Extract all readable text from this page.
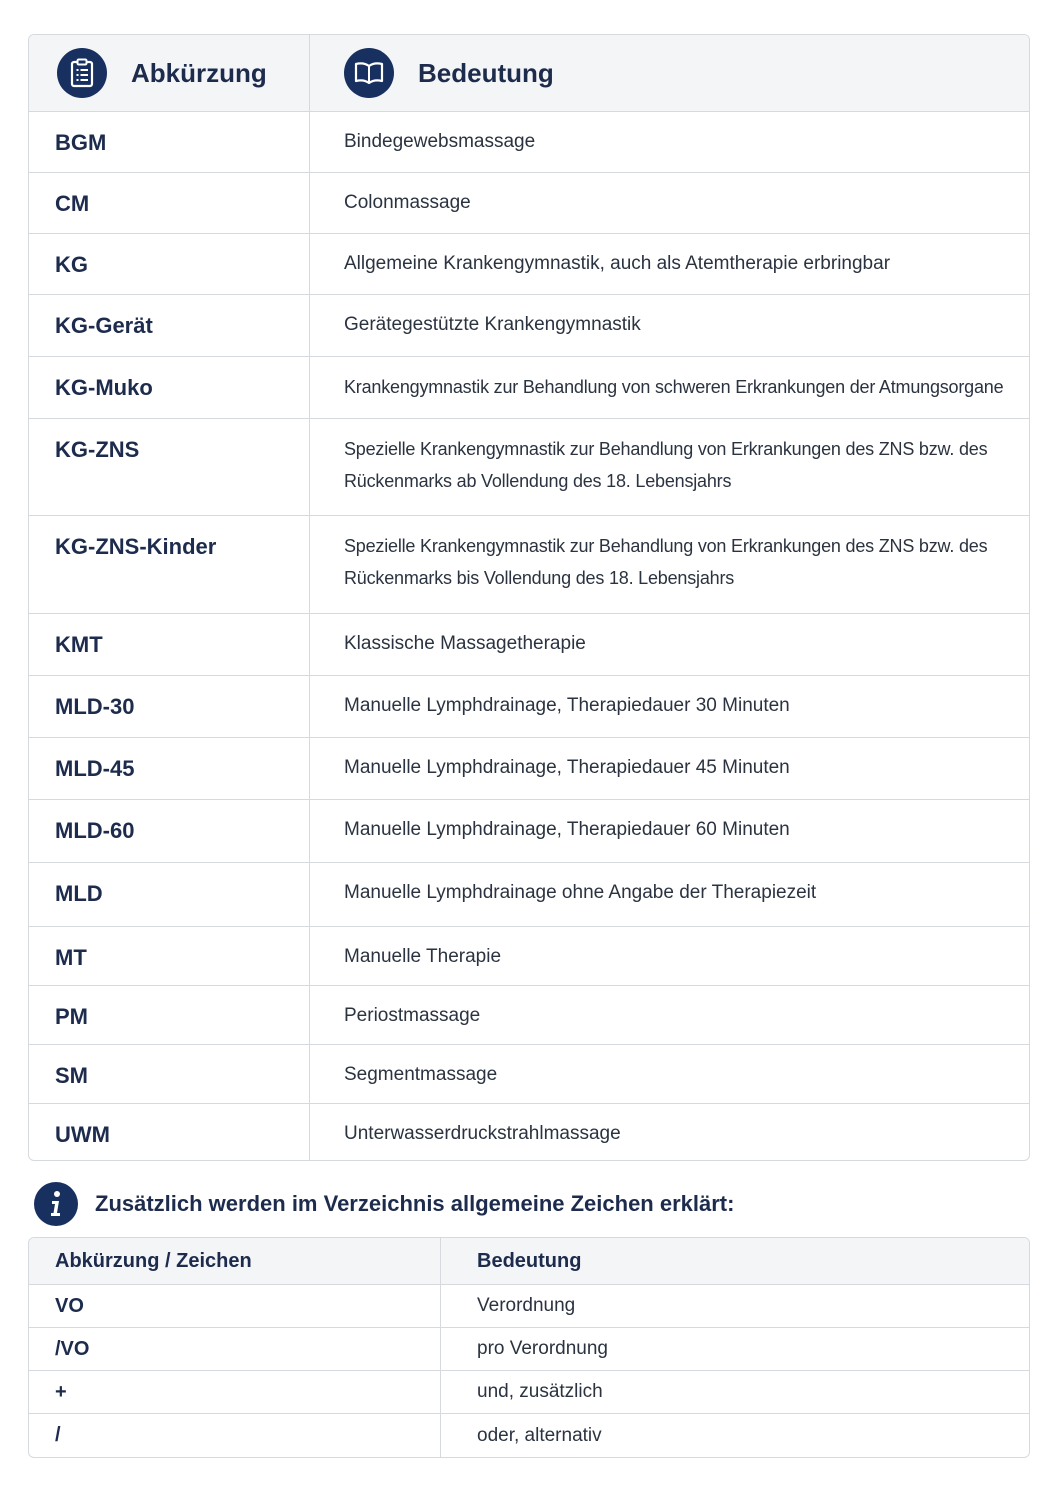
Abkürzung	Bedeutung
BGM	Bindegewebsmassage
CM	Colonmassage
KG	Allgemeine Krankengymnastik, auch als Atemtherapie erbringbar
KG-Gerät	Gerätegestützte Krankengymnastik
KG-Muko	Krankengymnastik zur Behandlung von schweren Erkrankungen der Atmungsorgane
KG-ZNS	Spezielle Krankengymnastik zur Behandlung von Erkrankungen des ZNS bzw. des Rückenmarks ab Vollendung des 18. Lebensjahrs
KG-ZNS-Kinder	Spezielle Krankengymnastik zur Behandlung von Erkrankungen des ZNS bzw. des Rückenmarks bis Vollendung des 18. Lebensjahrs
KMT	Klassische Massagetherapie
MLD-30	Manuelle Lymphdrainage, Therapiedauer 30 Minuten
MLD-45	Manuelle Lymphdrainage, Therapiedauer 45 Minuten
MLD-60	Manuelle Lymphdrainage, Therapiedauer 60 Minuten
MLD	Manuelle Lymphdrainage ohne Angabe der Therapiezeit
MT	Manuelle Therapie
PM	Periostmassage
SM	Segmentmassage
UWM	Unterwasserdruckstrahlmassage
Zusätzlich werden im Verzeichnis allgemeine Zeichen erklärt:
Abkürzung / Zeichen	Bedeutung
VO	Verordnung
/VO	pro Verordnung
+	und, zusätzlich
/	oder, alternativ
